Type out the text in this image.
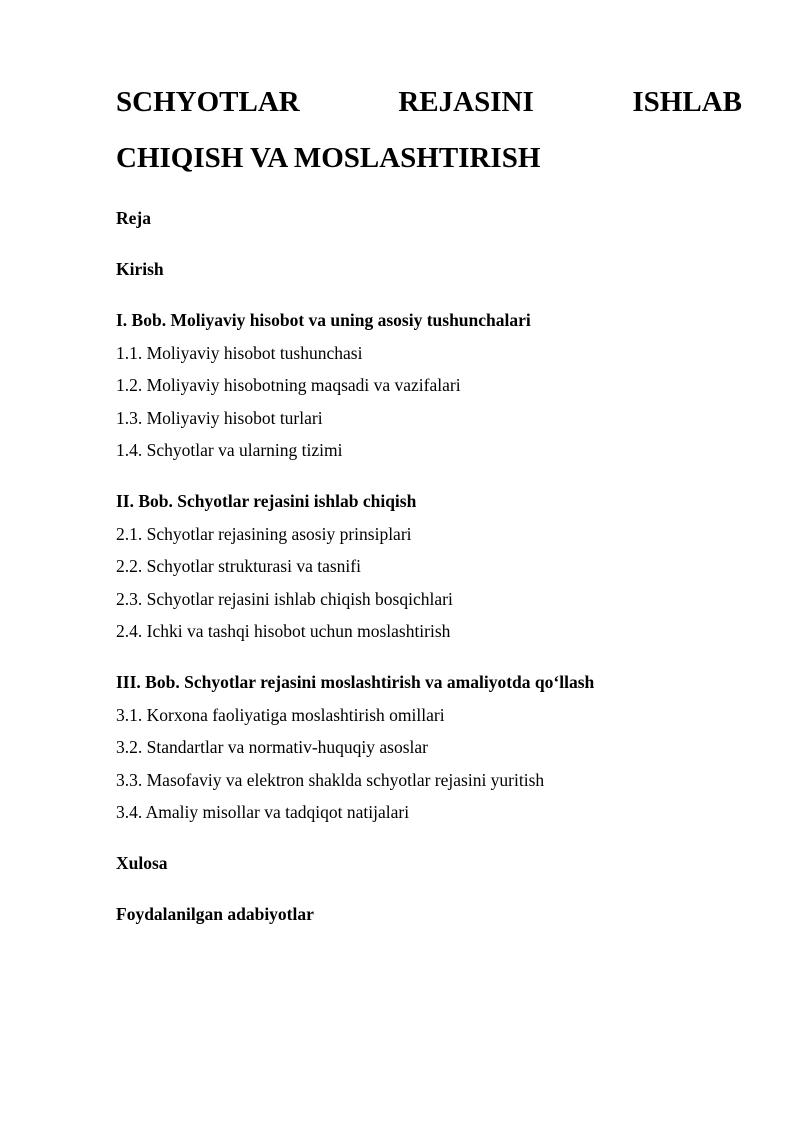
SCHYOTLAR	REJASINI	ISHLAB
CHIQISH VA MOSLASHTIRISH

Reja

Kirish

I. Bob. Moliyaviy hisobot va uning asosiy tushunchalari

1.1. Moliyaviy hisobot tushunchasi

1.2. Moliyaviy hisobotning maqsadi va vazifalari

1.3. Moliyaviy hisobot turlari

1.4. Schyotlar va ularning tizimi

II. Bob. Schyotlar rejasini ishlab chiqish

2.1. Schyotlar rejasining asosiy prinsiplari

2.2. Schyotlar strukturasi va tasnifi

2.3. Schyotlar rejasini ishlab chiqish bosqichlari

2.4. Ichki va tashqi hisobot uchun moslashtirish

III. Bob. Schyotlar rejasini moslashtirish va amaliyotda qo‘llash

3.1. Korxona faoliyatiga moslashtirish omillari

3.2. Standartlar va normativ-huquqiy asoslar

3.3. Masofaviy va elektron shaklda schyotlar rejasini yuritish

3.4. Amaliy misollar va tadqiqot natijalari

Xulosa

Foydalanilgan adabiyotlar
